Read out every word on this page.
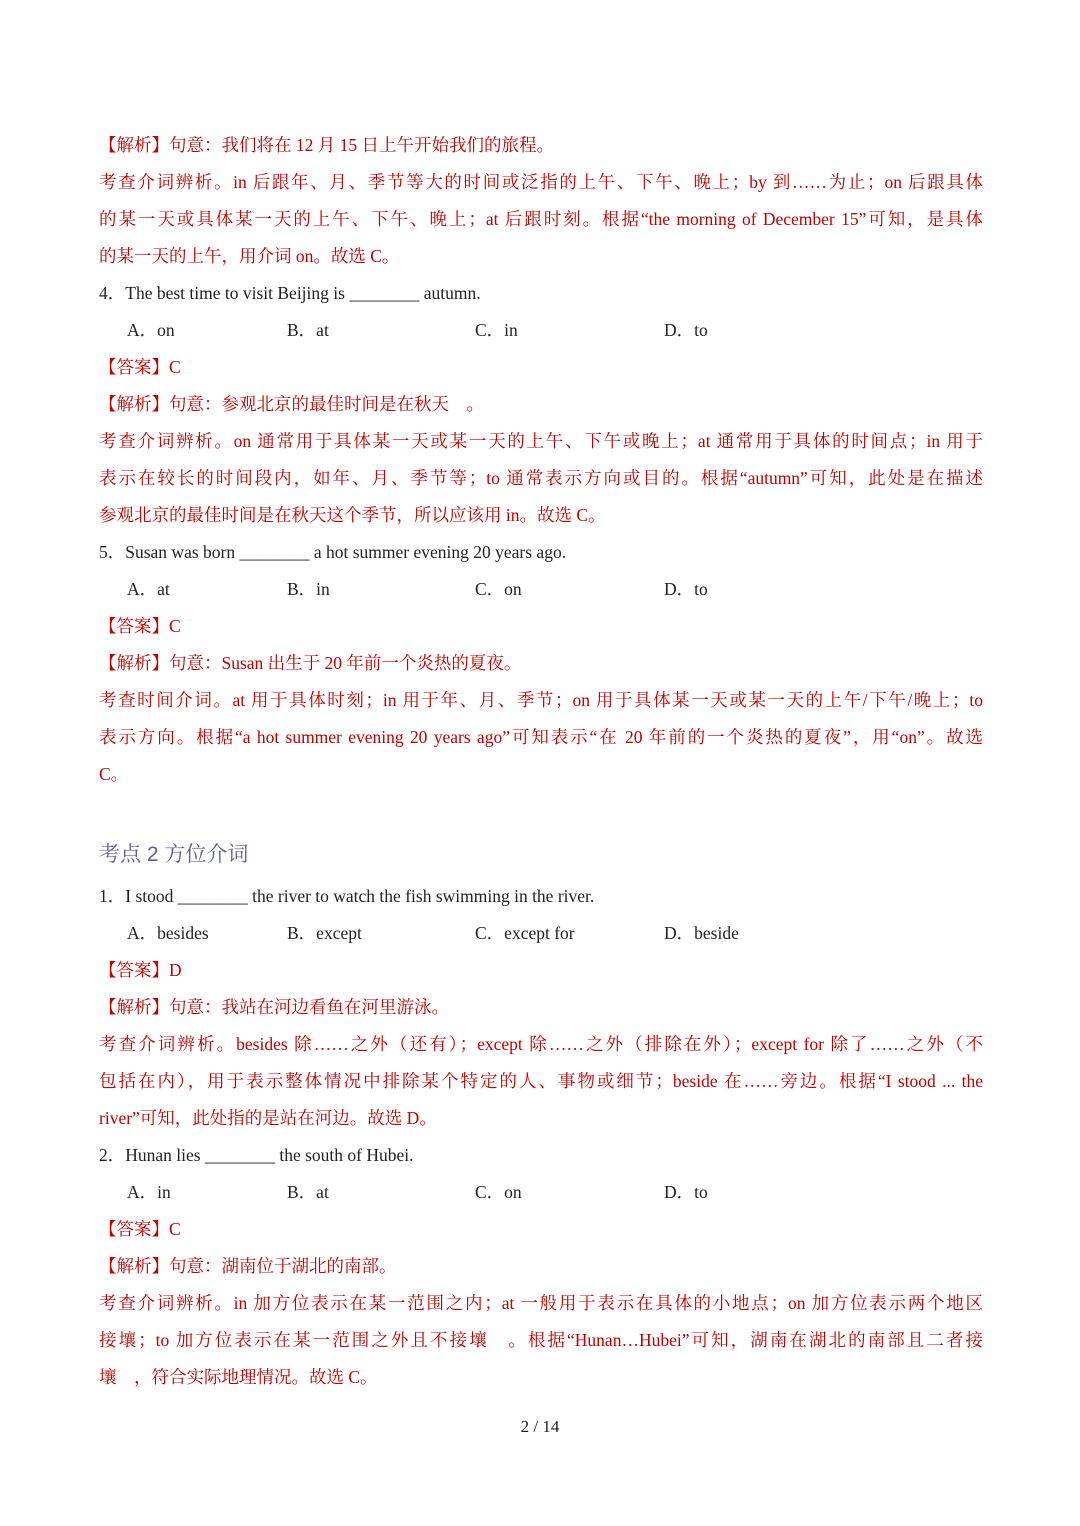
【解析】句意：我们将在 12 月 15 日上午开始我们的旅程。
考查介词辨析。in 后跟年、月、季节等大的时间或泛指的上午、下午、晚上；by 到……为止；on 后跟具体
的某一天或具体某一天的上午、下午、晚上；at 后跟时刻。根据“the morning of December 15”可知，是具体
的某一天的上午，用介词 on。故选 C。
4．The best time to visit Beijing is ________ autumn.
A．on	B．at	C．in	D．to
【答案】C
【解析】句意：参观北京的最佳时间是在秋天　。
考查介词辨析。on 通常用于具体某一天或某一天的上午、下午或晚上；at 通常用于具体的时间点；in 用于
表示在较长的时间段内，如年、月、季节等；to 通常表示方向或目的。根据“autumn”可知，此处是在描述
参观北京的最佳时间是在秋天这个季节，所以应该用 in。故选 C。
5．Susan was born ________ a hot summer evening 20 years ago.
A．at	B．in	C．on	D．to
【答案】C
【解析】句意：Susan 出生于 20 年前一个炎热的夏夜。
考查时间介词。at 用于具体时刻；in 用于年、月、季节；on 用于具体某一天或某一天的上午/下午/晚上；to
表示方向。根据“a hot summer evening 20 years ago”可知表示“在 20 年前的一个炎热的夏夜”，用“on”。故选
C。
考点 2 方位介词
1．I stood ________ the river to watch the fish swimming in the river.
A．besides	B．except	C．except for	D．beside
【答案】D
【解析】句意：我站在河边看鱼在河里游泳。
考查介词辨析。besides 除……之外（还有）；except 除……之外（排除在外）；except for 除了……之外（不
包括在内），用于表示整体情况中排除某个特定的人、事物或细节；beside 在……旁边。根据“I stood ... the
river”可知，此处指的是站在河边。故选 D。
2．Hunan lies ________ the south of Hubei.
A．in	B．at	C．on	D．to
【答案】C
【解析】句意：湖南位于湖北的南部。
考查介词辨析。in 加方位表示在某一范围之内；at 一般用于表示在具体的小地点；on 加方位表示两个地区
接壤；to 加方位表示在某一范围之外且不接壤　。根据“Hunan…Hubei”可知，湖南在湖北的南部且二者接
壤　，符合实际地理情况。故选 C。
2 / 14
